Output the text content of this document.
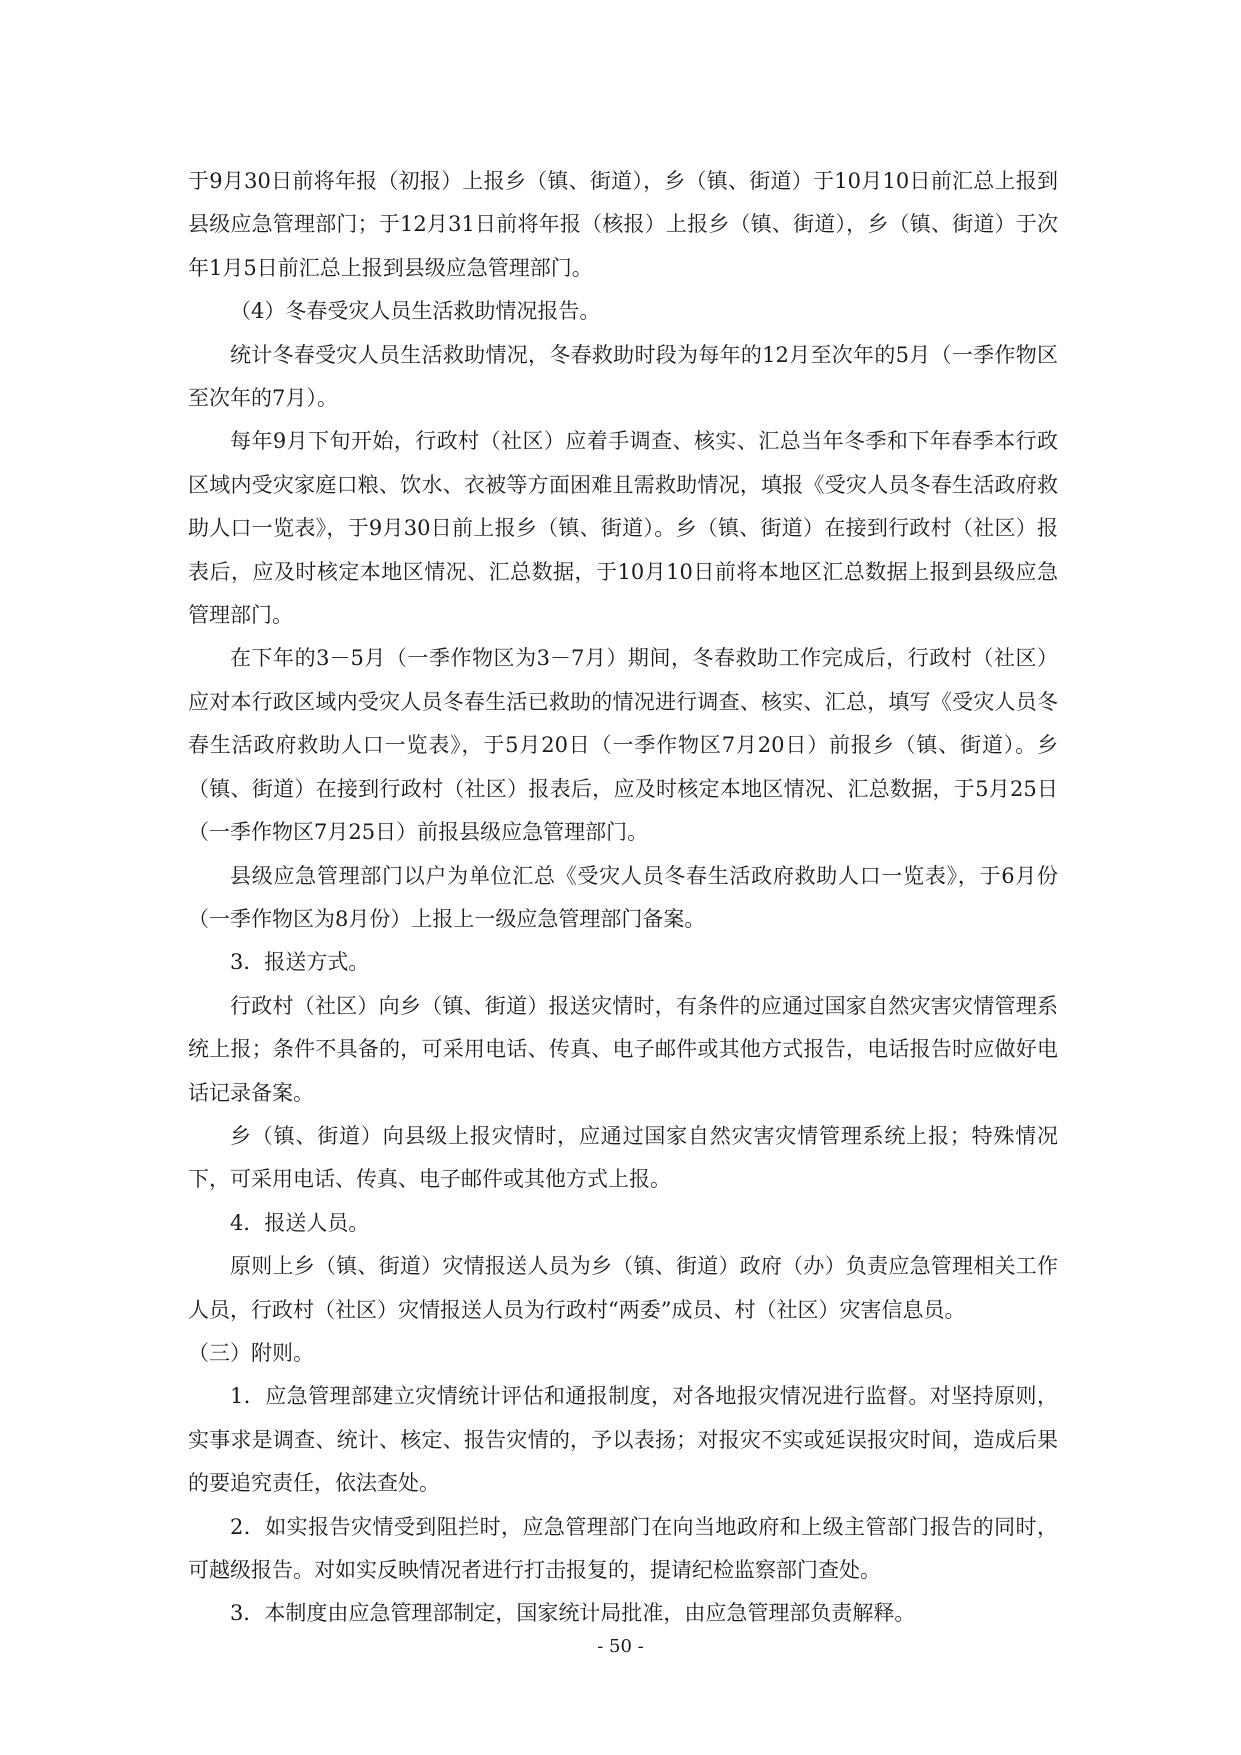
于9月30日前将年报（初报）上报乡（镇、街道），乡（镇、街道）于10月10日前汇总上报到县级应急管理部门；于12月31日前将年报（核报）上报乡（镇、街道），乡（镇、街道）于次年1月5日前汇总上报到县级应急管理部门。

（4）冬春受灾人员生活救助情况报告。

统计冬春受灾人员生活救助情况，冬春救助时段为每年的12月至次年的5月（一季作物区至次年的7月）。

每年9月下旬开始，行政村（社区）应着手调查、核实、汇总当年冬季和下年春季本行政区域内受灾家庭口粮、饮水、衣被等方面困难且需救助情况，填报《受灾人员冬春生活政府救助人口一览表》，于9月30日前上报乡（镇、街道）。乡（镇、街道）在接到行政村（社区）报表后，应及时核定本地区情况、汇总数据，于10月10日前将本地区汇总数据上报到县级应急管理部门。

在下年的3－5月（一季作物区为3－7月）期间，冬春救助工作完成后，行政村（社区）应对本行政区域内受灾人员冬春生活已救助的情况进行调查、核实、汇总，填写《受灾人员冬春生活政府救助人口一览表》，于5月20日（一季作物区7月20日）前报乡（镇、街道）。乡（镇、街道）在接到行政村（社区）报表后，应及时核定本地区情况、汇总数据，于5月25日（一季作物区7月25日）前报县级应急管理部门。

县级应急管理部门以户为单位汇总《受灾人员冬春生活政府救助人口一览表》，于6月份（一季作物区为8月份）上报上一级应急管理部门备案。

3．报送方式。

行政村（社区）向乡（镇、街道）报送灾情时，有条件的应通过国家自然灾害灾情管理系统上报；条件不具备的，可采用电话、传真、电子邮件或其他方式报告，电话报告时应做好电话记录备案。

乡（镇、街道）向县级上报灾情时，应通过国家自然灾害灾情管理系统上报；特殊情况下，可采用电话、传真、电子邮件或其他方式上报。

4．报送人员。

原则上乡（镇、街道）灾情报送人员为乡（镇、街道）政府（办）负责应急管理相关工作人员，行政村（社区）灾情报送人员为行政村“两委”成员、村（社区）灾害信息员。

（三）附则。

1．应急管理部建立灾情统计评估和通报制度，对各地报灾情况进行监督。对坚持原则，实事求是调查、统计、核定、报告灾情的，予以表扬；对报灾不实或延误报灾时间，造成后果的要追究责任，依法查处。

2．如实报告灾情受到阻拦时，应急管理部门在向当地政府和上级主管部门报告的同时，可越级报告。对如实反映情况者进行打击报复的，提请纪检监察部门查处。

3．本制度由应急管理部制定，国家统计局批准，由应急管理部负责解释。

- 50 -
